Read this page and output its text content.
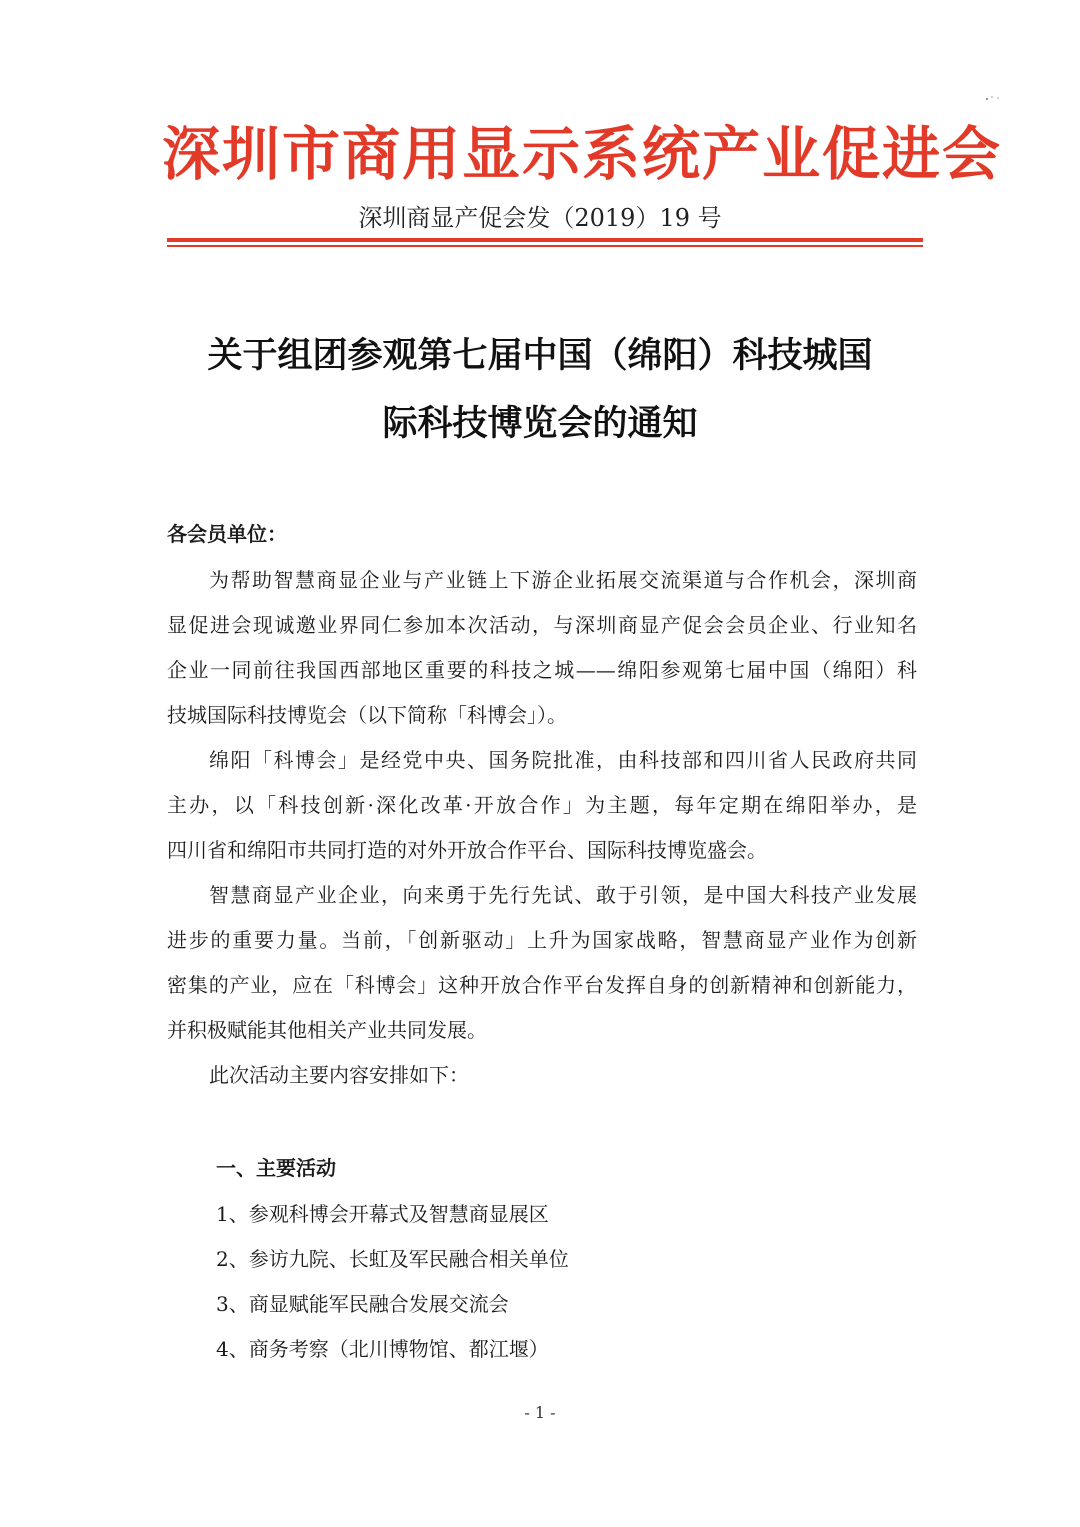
深圳市商用显示系统产业促进会
深圳商显产促会发（2019）19 号
关于组团参观第七届中国（绵阳）科技城国
际科技博览会的通知
各会员单位：
为帮助智慧商显企业与产业链上下游企业拓展交流渠道与合作机会，深圳商
显促进会现诚邀业界同仁参加本次活动，与深圳商显产促会会员企业、行业知名
企业一同前往我国西部地区重要的科技之城——绵阳参观第七届中国（绵阳）科
技城国际科技博览会（以下简称「科博会」）。
绵阳「科博会」是经党中央、国务院批准，由科技部和四川省人民政府共同
主办，以「科技创新·深化改革·开放合作」为主题，每年定期在绵阳举办，是
四川省和绵阳市共同打造的对外开放合作平台、国际科技博览盛会。
智慧商显产业企业，向来勇于先行先试、敢于引领，是中国大科技产业发展
进步的重要力量。当前，「创新驱动」上升为国家战略，智慧商显产业作为创新
密集的产业，应在「科博会」这种开放合作平台发挥自身的创新精神和创新能力，
并积极赋能其他相关产业共同发展。
此次活动主要内容安排如下：
一、主要活动
1、参观科博会开幕式及智慧商显展区
2、参访九院、长虹及军民融合相关单位
3、商显赋能军民融合发展交流会
4、商务考察（北川博物馆、都江堰）
- 1 -
